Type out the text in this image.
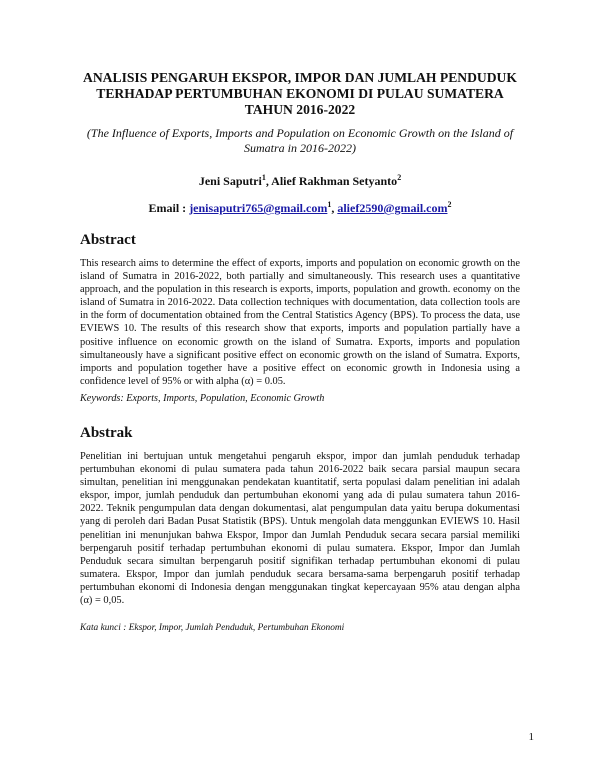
ANALISIS PENGARUH EKSPOR, IMPOR DAN JUMLAH PENDUDUK
TERHADAP PERTUMBUHAN EKONOMI DI PULAU SUMATERA
TAHUN 2016-2022

(The Influence of Exports, Imports and Population on Economic Growth on the Island of Sumatra in 2016-2022)

Jeni Saputri$^1$, Alief Rakhman Setyanto$^2$
Email : jenisaputri765@gmail.com$^1$, alief2590@gmail.com$^2$
Abstract

This research aims to determine the effect of exports, imports and population on economic growth on the island of Sumatra in 2016-2022, both partially and simultaneously. This research uses a quantitative approach, and the population in this research is exports, imports, population and growth. economy on the island of Sumatra in 2016-2022. Data collection techniques with documentation, data collection tools are in the form of documentation obtained from the Central Statistics Agency (BPS). To process the data, use EVIEWS 10. The results of this research show that exports, imports and population partially have a positive influence on economic growth on the island of Sumatra. Exports, imports and population simultaneously have a significant positive effect on economic growth on the island of Sumatra. Exports, imports and population together have a positive effect on economic growth in Indonesia using a confidence level of 95% or with alpha (α) = 0.05.

Keywords: Exports, Imports, Population, Economic Growth

Abstrak

Penelitian ini bertujuan untuk mengetahui pengaruh ekspor, impor dan jumlah penduduk terhadap pertumbuhan ekonomi di pulau sumatera pada tahun 2016-2022 baik secara parsial maupun secara simultan, penelitian ini menggunakan pendekatan kuantitatif, serta populasi dalam penelitian ini adalah ekspor, impor, jumlah penduduk dan pertumbuhan ekonomi yang ada di pulau sumatera tahun 2016-2022. Teknik pengumpulan data dengan dokumentasi, alat pengumpulan data yaitu berupa dokumentasi yang di peroleh dari Badan Pusat Statistik (BPS). Untuk mengolah data menggunkan EVIEWS 10. Hasil penelitian ini menunjukan bahwa Ekspor, Impor dan Jumlah Penduduk secara secara parsial memiliki berpengaruh positif terhadap pertumbuhan ekonomi di pulau sumatera. Ekspor, Impor dan Jumlah Penduduk secara simultan berpengaruh positif signifikan terhadap pertumbuhan ekonomi di pulau sumatera. Ekspor, Impor dan jumlah penduduk secara bersama-sama berpengaruh positif terhadap pertumbuhan ekonomi di Indonesia dengan menggunakan tingkat kepercayaan 95% atau dengan alpha (α) = 0,05.

Kata kunci : Ekspor, Impor, Jumlah Penduduk, Pertumbuhan Ekonomi

1
